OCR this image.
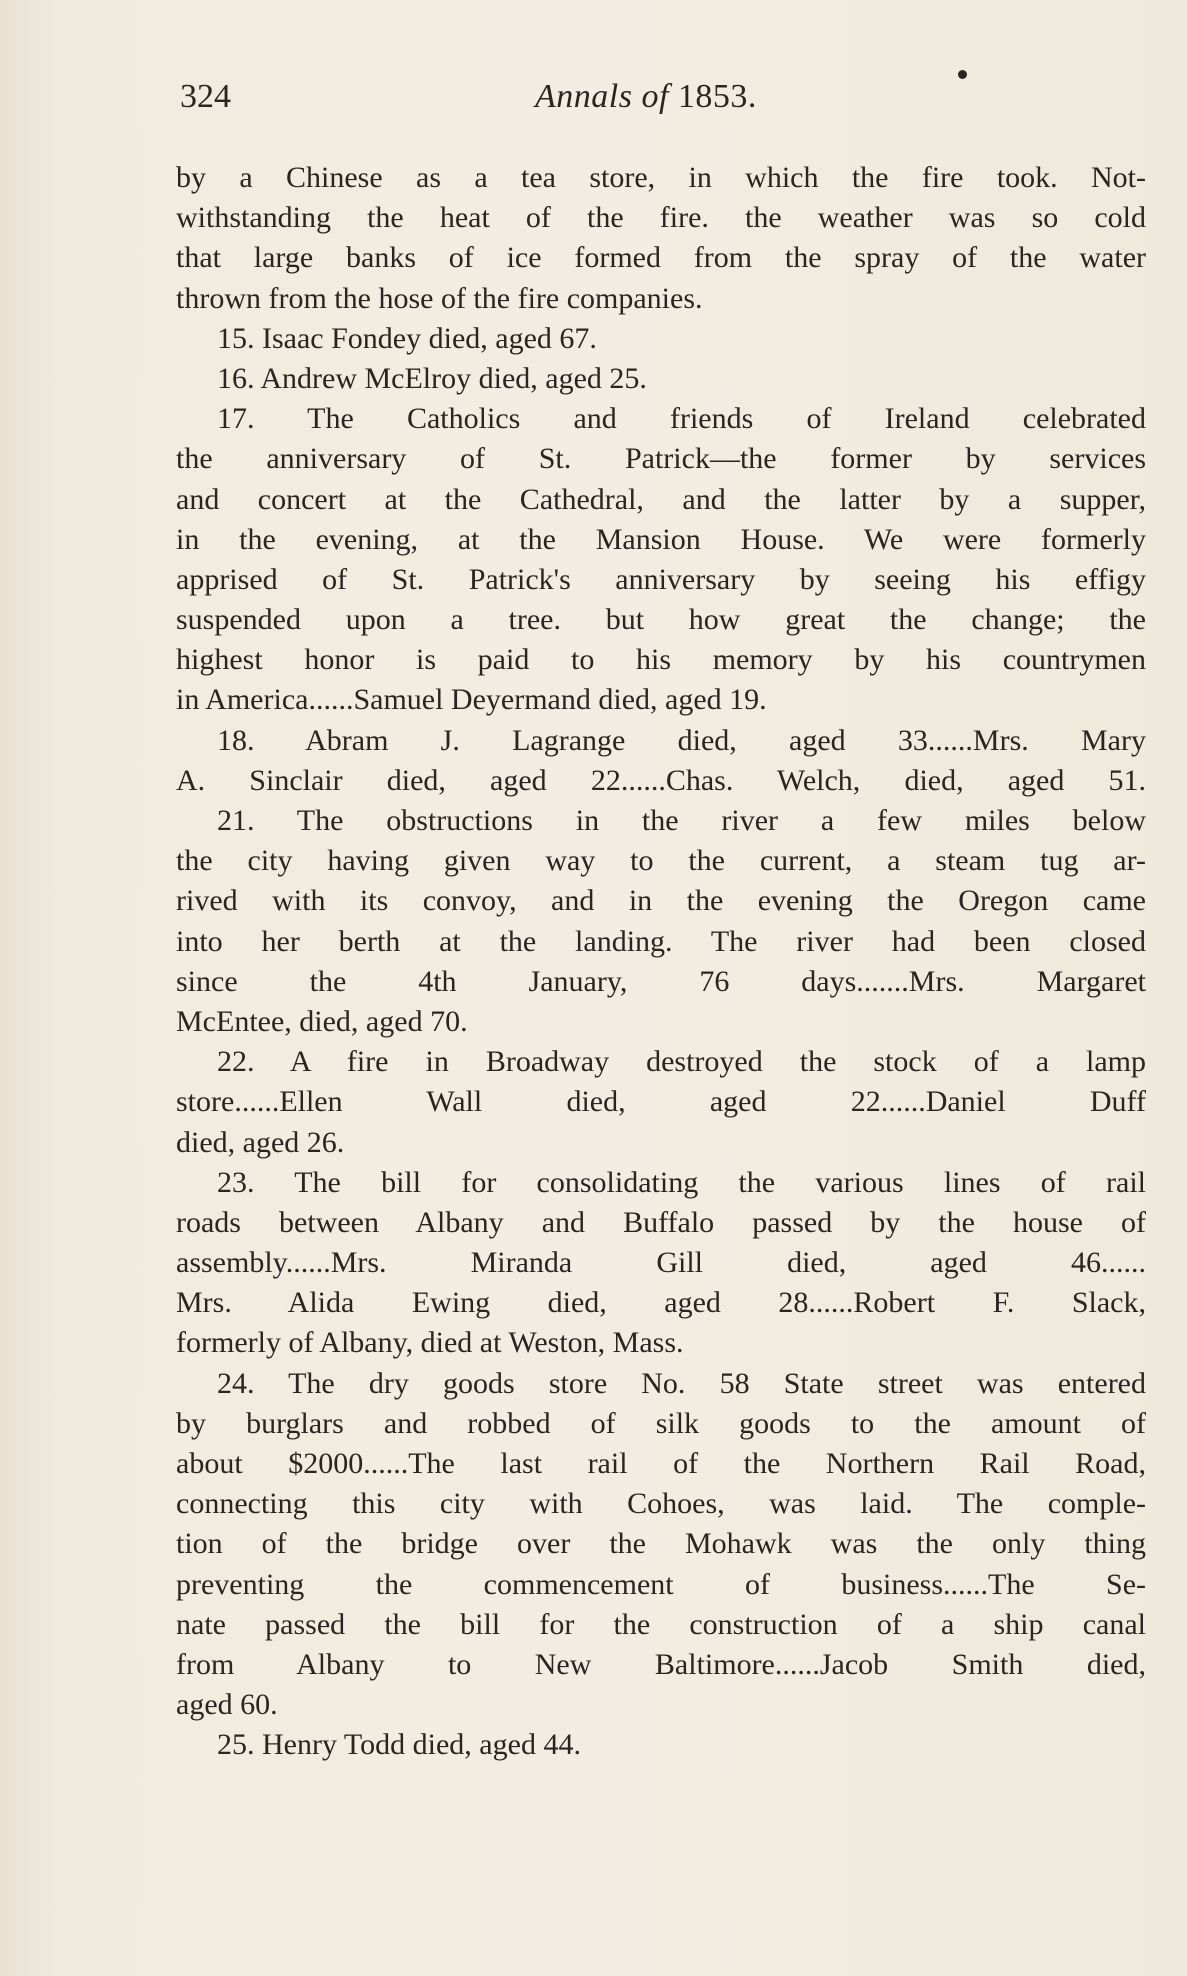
324	Annals of 1853.
by a Chinese as a tea store, in which the fire took. Not-
withstanding the heat of the fire. the weather was so cold
that large banks of ice formed from the spray of the water
thrown from the hose of the fire companies.
15. Isaac Fondey died, aged 67.
16. Andrew McElroy died, aged 25.
17. The Catholics and friends of Ireland celebrated
the anniversary of St. Patrick—the former by services
and concert at the Cathedral, and the latter by a supper,
in the evening, at the Mansion House. We were formerly
apprised of St. Patrick's anniversary by seeing his effigy
suspended upon a tree. but how great the change; the
highest honor is paid to his memory by his countrymen
in America......Samuel Deyermand died, aged 19.
18. Abram J. Lagrange died, aged 33......Mrs. Mary
A. Sinclair died, aged 22......Chas. Welch, died, aged 51.
21. The obstructions in the river a few miles below
the city having given way to the current, a steam tug ar-
rived with its convoy, and in the evening the Oregon came
into her berth at the landing. The river had been closed
since the 4th January, 76 days.......Mrs. Margaret
McEntee, died, aged 70.
22. A fire in Broadway destroyed the stock of a lamp
store......Ellen Wall died, aged 22......Daniel Duff
died, aged 26.
23. The bill for consolidating the various lines of rail
roads between Albany and Buffalo passed by the house of
assembly......Mrs. Miranda Gill died, aged 46......
Mrs. Alida Ewing died, aged 28......Robert F. Slack,
formerly of Albany, died at Weston, Mass.
24. The dry goods store No. 58 State street was entered
by burglars and robbed of silk goods to the amount of
about $2000......The last rail of the Northern Rail Road,
connecting this city with Cohoes, was laid. The comple-
tion of the bridge over the Mohawk was the only thing
preventing the commencement of business......The Se-
nate passed the bill for the construction of a ship canal
from Albany to New Baltimore......Jacob Smith died,
aged 60.
25. Henry Todd died, aged 44.
